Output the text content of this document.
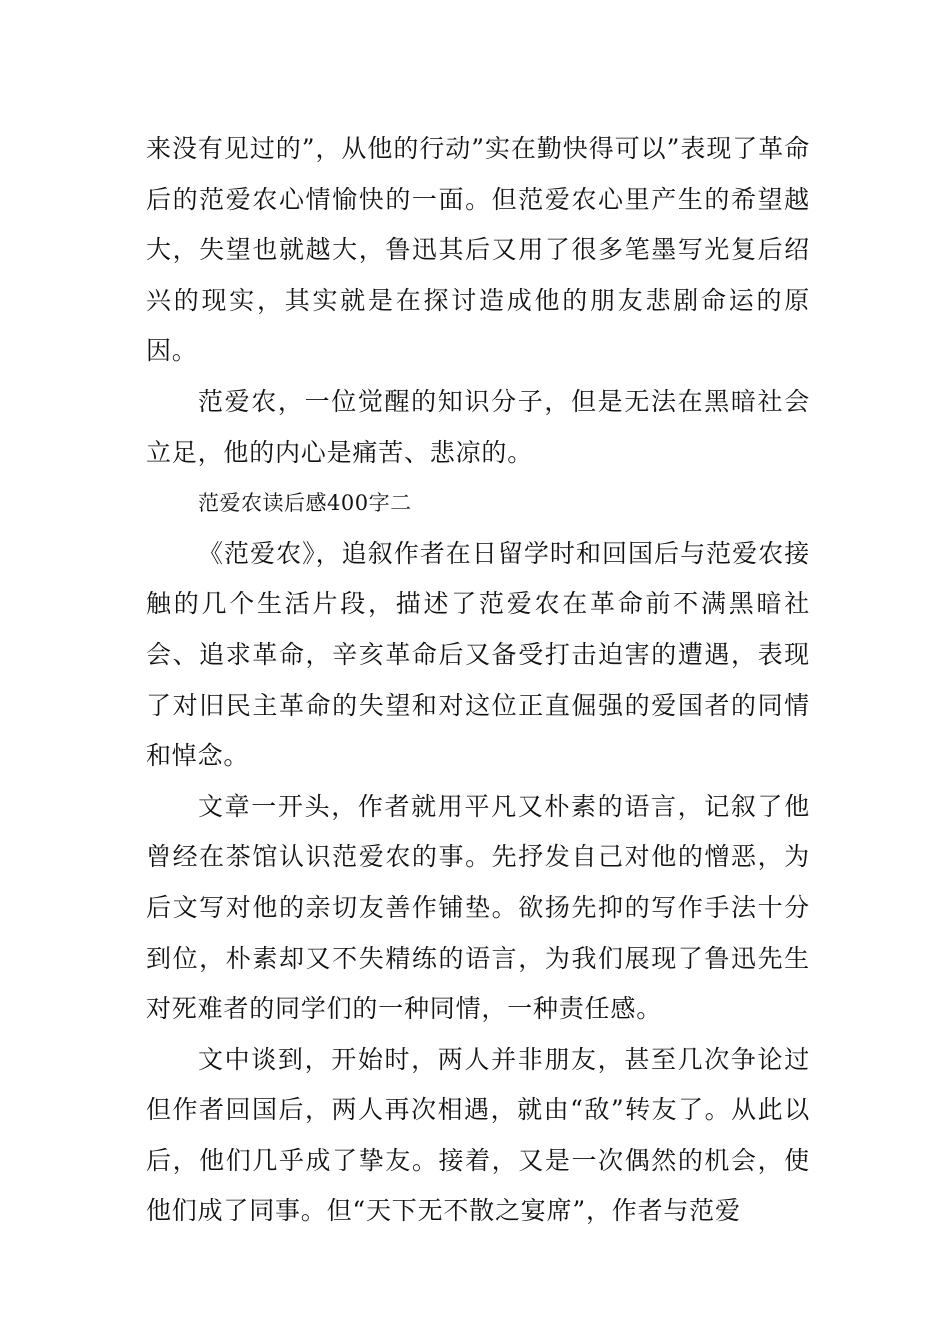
来没有见过的”，从他的行动”实在勤快得可以”表现了革命后的范爱农心情愉快的一面。但范爱农心里产生的希望越大，失望也就越大，鲁迅其后又用了很多笔墨写光复后绍兴的现实，其实就是在探讨造成他的朋友悲剧命运的原因。

范爱农，一位觉醒的知识分子，但是无法在黑暗社会立足，他的内心是痛苦、悲凉的。

范爱农读后感400字二

《范爱农》，追叙作者在日留学时和回国后与范爱农接触的几个生活片段，描述了范爱农在革命前不满黑暗社会、追求革命，辛亥革命后又备受打击迫害的遭遇，表现了对旧民主革命的失望和对这位正直倔强的爱国者的同情和悼念。

文章一开头，作者就用平凡又朴素的语言，记叙了他曾经在茶馆认识范爱农的事。先抒发自己对他的憎恶，为后文写对他的亲切友善作铺垫。欲扬先抑的写作手法十分到位，朴素却又不失精练的语言，为我们展现了鲁迅先生对死难者的同学们的一种同情，一种责任感。

文中谈到，开始时，两人并非朋友，甚至几次争论过但作者回国后，两人再次相遇，就由“敌”转友了。从此以后，他们几乎成了挚友。接着，又是一次偶然的机会，使他们成了同事。但“天下无不散之宴席”，作者与范爱
